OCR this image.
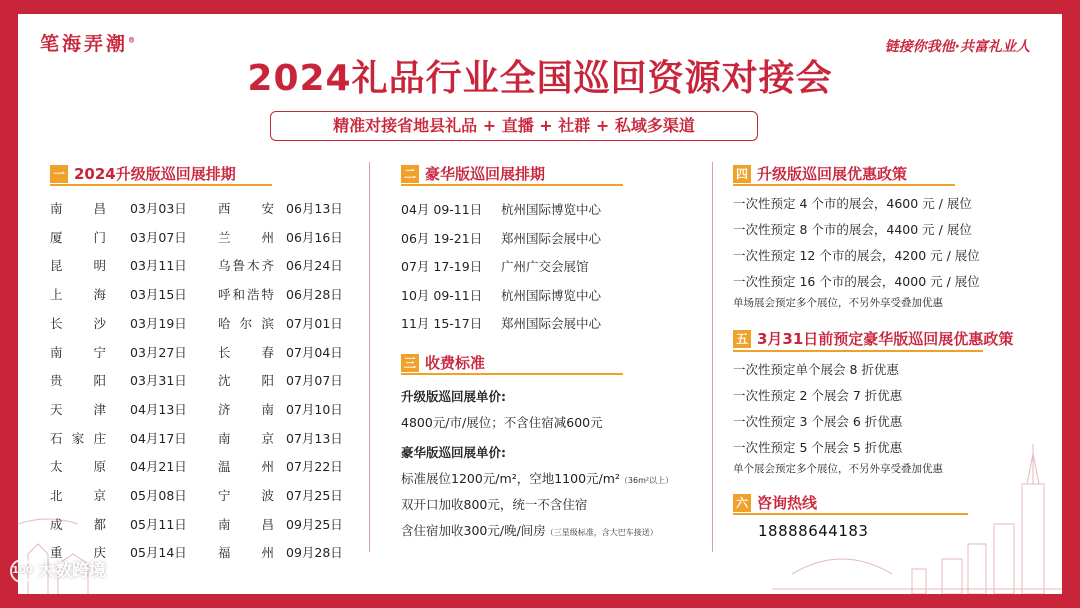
笔海弄潮®	链接你我他·共富礼业人
2024礼品行业全国巡回资源对接会
精准对接省地县礼品 + 直播 + 社群 + 私域多渠道
一 2024升级版巡回展排期
南昌 03月03日 西安 06月13日
厦门 03月07日 兰州 06月16日
昆明 03月11日 乌鲁木齐 06月24日
上海 03月15日 呼和浩特 06月28日
长沙 03月19日 哈尔滨 07月01日
南宁 03月27日 长春 07月04日
贵阳 03月31日 沈阳 07月07日
天津 04月13日 济南 07月10日
石家庄 04月17日 南京 07月13日
太原 04月21日 温州 07月22日
北京 05月08日 宁波 07月25日
成都 05月11日 南昌 09月25日
重庆 05月14日 福州 09月28日
二 豪华版巡回展排期
04月 09-11日 杭州国际博览中心
06月 19-21日 郑州国际会展中心
07月 17-19日 广州广交会展馆
10月 09-11日 杭州国际博览中心
11月 15-17日 郑州国际会展中心
三 收费标准
升级版巡回展单价:
4800元/市/展位；不含住宿减600元
豪华版巡回展单价:
标准展位1200元/m²，空地1100元/m²（36m²以上）
双开口加收800元，统一不含住宿
含住宿加收300元/晚/间房（三星级标准，含大巴车接送）
四 升级版巡回展优惠政策
一次性预定 4 个市的展会，4600 元 / 展位
一次性预定 8 个市的展会，4400 元 / 展位
一次性预定 12 个市的展会，4200 元 / 展位
一次性预定 16 个市的展会，4000 元 / 展位
单场展会预定多个展位，不另外享受叠加优惠
五 3月31日前预定豪华版巡回展优惠政策
一次性预定单个展会 8 折优惠
一次性预定 2 个展会 7 折优惠
一次性预定 3 个展会 6 折优惠
一次性预定 5 个展会 5 折优惠
单个展会预定多个展位，不另外享受叠加优惠
六 咨询热线
18888644183
100 大数跨境
